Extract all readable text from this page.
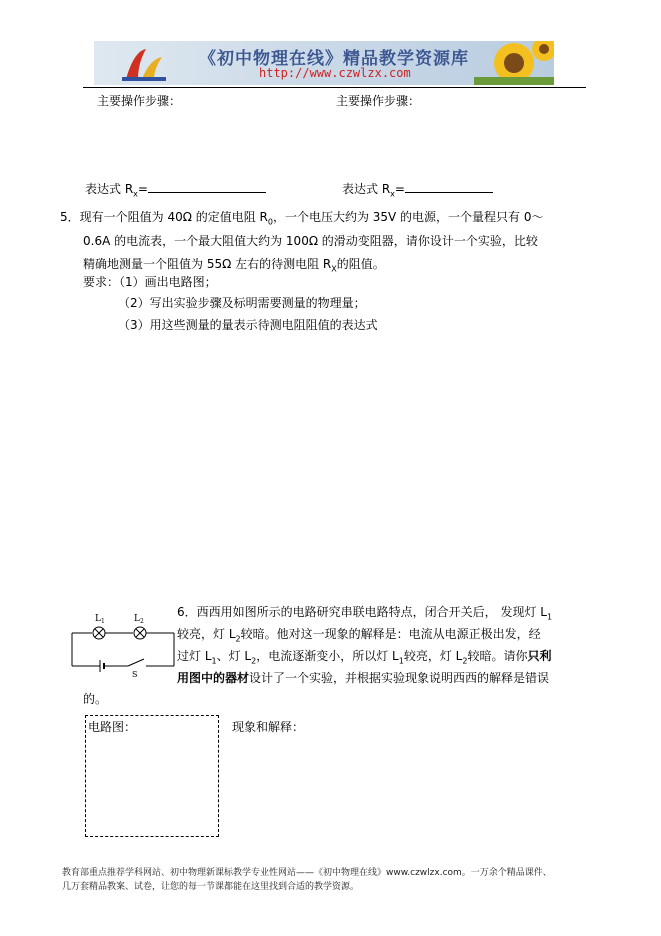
《初中物理在线》精品教学资源库
http://www.czwlzx.com
主要操作步骤：	主要操作步骤：
表达式 $R_x=$	表达式 $R_x=$
5．现有一个阻值为 40Ω 的定值电阻 $R_0$，一个电压大约为 35V 的电源，一个量程只有 0～
0.6A 的电流表，一个最大阻值大约为 100Ω 的滑动变阻器，请你设计一个实验，比较
精确地测量一个阻值为 55Ω 左右的待测电阻 $R_X$的阻值。
要求：（1）画出电路图；
（2）写出实验步骤及标明需要测量的物理量；
（3）用这些测量的量表示待测电阻阻值的表达式
$L_1$	$L_2$
S
6．西西用如图所示的电路研究串联电路特点，闭合开关后， 发现灯 $L_1$
较亮，灯 $L_2$较暗。他对这一现象的解释是：电流从电源正极出发，经
过灯 $L_1$、灯 $L_2$，电流逐渐变小，所以灯 $L_1$较亮，灯 $L_2$较暗。请你只利
用图中的器材设计了一个实验，并根据实验现象说明西西的解释是错误
的。
电路图：	现象和解释：
教育部重点推荐学科网站、初中物理新课标教学专业性网站——《初中物理在线》www.czwlzx.com。一万余个精品课件、
几万套精品教案、试卷，让您的每一节课都能在这里找到合适的教学资源。
